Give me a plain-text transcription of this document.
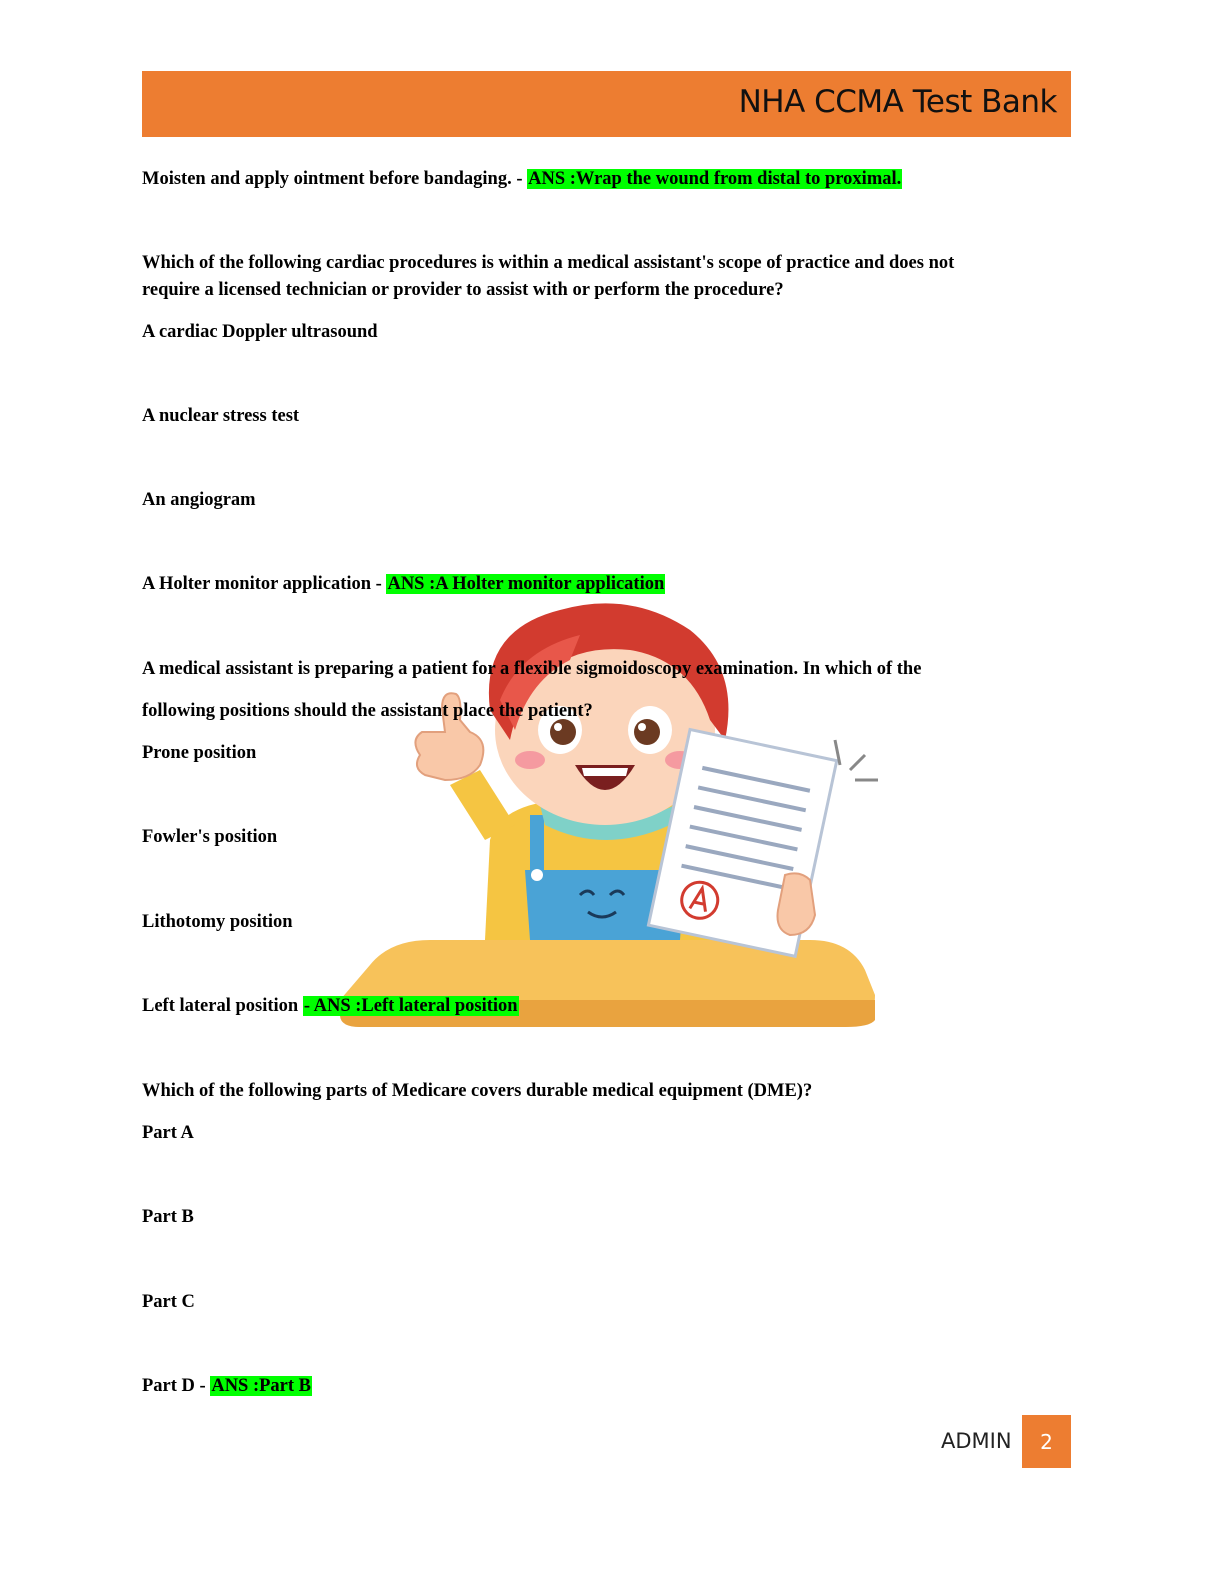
NHA CCMA Test Bank
Moisten and apply ointment before bandaging. - ANS :Wrap the wound from distal to proximal.
Which of the following cardiac procedures is within a medical assistant's scope of practice and does not
require a licensed technician or provider to assist with or perform the procedure?
A cardiac Doppler ultrasound
A nuclear stress test
An angiogram
A Holter monitor application - ANS :A Holter monitor application
A medical assistant is preparing a patient for a flexible sigmoidoscopy examination. In which of the
following positions should the assistant place the patient?
Prone position
Fowler's position
Lithotomy position
Left lateral position - ANS :Left lateral position
Which of the following parts of Medicare covers durable medical equipment (DME)?
Part A
Part B
Part C
Part D - ANS :Part B
ADMIN	2
